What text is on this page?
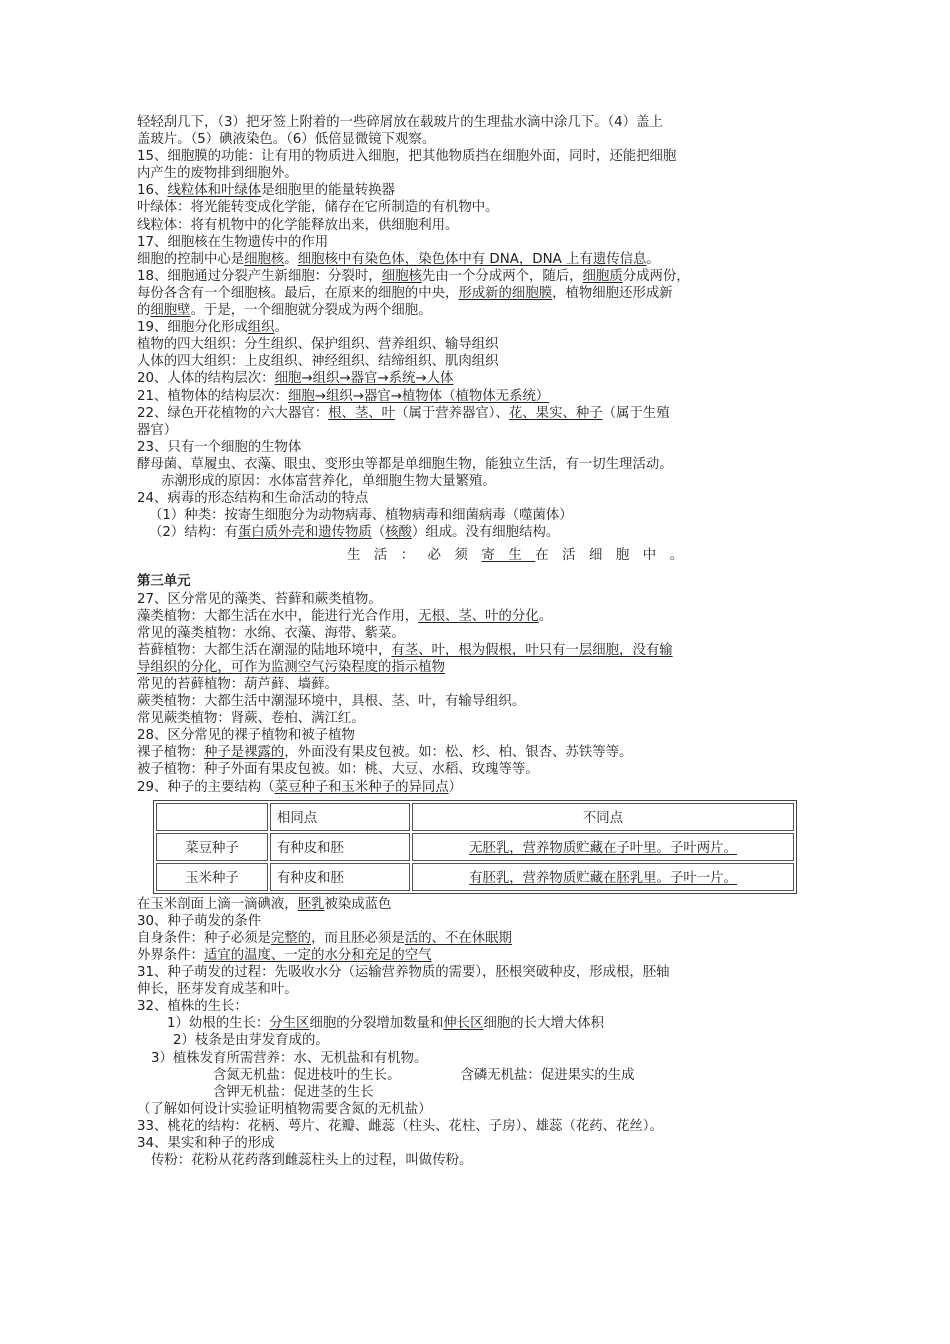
轻轻刮几下，（3）把牙签上附着的一些碎屑放在载玻片的生理盐水滴中涂几下。（4）盖上
盖玻片。（5）碘液染色。（6）低倍显微镜下观察。
15、细胞膜的功能：让有用的物质进入细胞，把其他物质挡在细胞外面，同时，还能把细胞
内产生的废物排到细胞外。
16、线粒体和叶绿体是细胞里的能量转换器
叶绿体：将光能转变成化学能，储存在它所制造的有机物中。
线粒体：将有机物中的化学能释放出来，供细胞利用。
17、细胞核在生物遗传中的作用
细胞的控制中心是细胞核。细胞核中有染色体，染色体中有 DNA，DNA 上有遗传信息。
18、细胞通过分裂产生新细胞：分裂时，细胞核先由一个分成两个，随后，细胞质分成两份，
每份各含有一个细胞核。最后，在原来的细胞的中央，形成新的细胞膜，植物细胞还形成新
的细胞壁。于是，一个细胞就分裂成为两个细胞。
19、细胞分化形成组织。
植物的四大组织：分生组织、保护组织、营养组织、输导组织
人体的四大组织：上皮组织、神经组织、结缔组织、肌肉组织
20、人体的结构层次：细胞→组织→器官→系统→人体
21、植物体的结构层次：细胞→组织→器官→植物体（植物体无系统）
22、绿色开花植物的六大器官：根、茎、叶（属于营养器官）、花、果实、种子（属于生殖
器官）
23、只有一个细胞的生物体
酵母菌、草履虫、衣藻、眼虫、变形虫等都是单细胞生物，能独立生活，有一切生理活动。
赤潮形成的原因：水体富营养化，单细胞生物大量繁殖。
24、病毒的形态结构和生命活动的特点
（1）种类：按寄生细胞分为动物病毒、植物病毒和细菌病毒（噬菌体）
（2）结构：有蛋白质外壳和遗传物质（核酸）组成。没有细胞结构。
生活：必须寄生在活细胞中。
第三单元
27、区分常见的藻类、苔藓和蕨类植物。
藻类植物：大都生活在水中，能进行光合作用，无根、茎、叶的分化。
常见的藻类植物：水绵、衣藻、海带、紫菜。
苔藓植物：大都生活在潮湿的陆地环境中，有茎、叶，根为假根，叶只有一层细胞，没有输
导组织的分化，可作为监测空气污染程度的指示植物
常见的苔藓植物：葫芦藓、墙藓。
蕨类植物：大都生活中潮湿环境中，具根、茎、叶，有输导组织。
常见蕨类植物：肾蕨、卷柏、满江红。
28、区分常见的裸子植物和被子植物
裸子植物：种子是裸露的，外面没有果皮包被。如：松、杉、柏、银杏、苏铁等等。
被子植物：种子外面有果皮包被。如：桃、大豆、水稻、玫瑰等等。
29、种子的主要结构（菜豆种子和玉米种子的异同点）
	相同点	不同点
菜豆种子	有种皮和胚	无胚乳，营养物质贮藏在子叶里。子叶两片。
玉米种子	有种皮和胚	有胚乳，营养物质贮藏在胚乳里。子叶一片。
在玉米剖面上滴一滴碘液，胚乳被染成蓝色
30、种子萌发的条件
自身条件：种子必须是完整的，而且胚必须是活的、不在休眠期
外界条件：适宜的温度、一定的水分和充足的空气
31、种子萌发的过程：先吸收水分（运输营养物质的需要），胚根突破种皮，形成根，胚轴
伸长，胚芽发育成茎和叶。
32、植株的生长：
1）幼根的生长：分生区细胞的分裂增加数量和伸长区细胞的长大增大体积
2）枝条是由芽发育成的。
3）植株发育所需营养：水、无机盐和有机物。
含氮无机盐：促进枝叶的生长。	含磷无机盐：促进果实的生成
含钾无机盐：促进茎的生长
（了解如何设计实验证明植物需要含氮的无机盐）
33、桃花的结构：花柄、萼片、花瓣、雌蕊（柱头、花柱、子房）、雄蕊（花药、花丝）。
34、果实和种子的形成
传粉：花粉从花药落到雌蕊柱头上的过程，叫做传粉。
